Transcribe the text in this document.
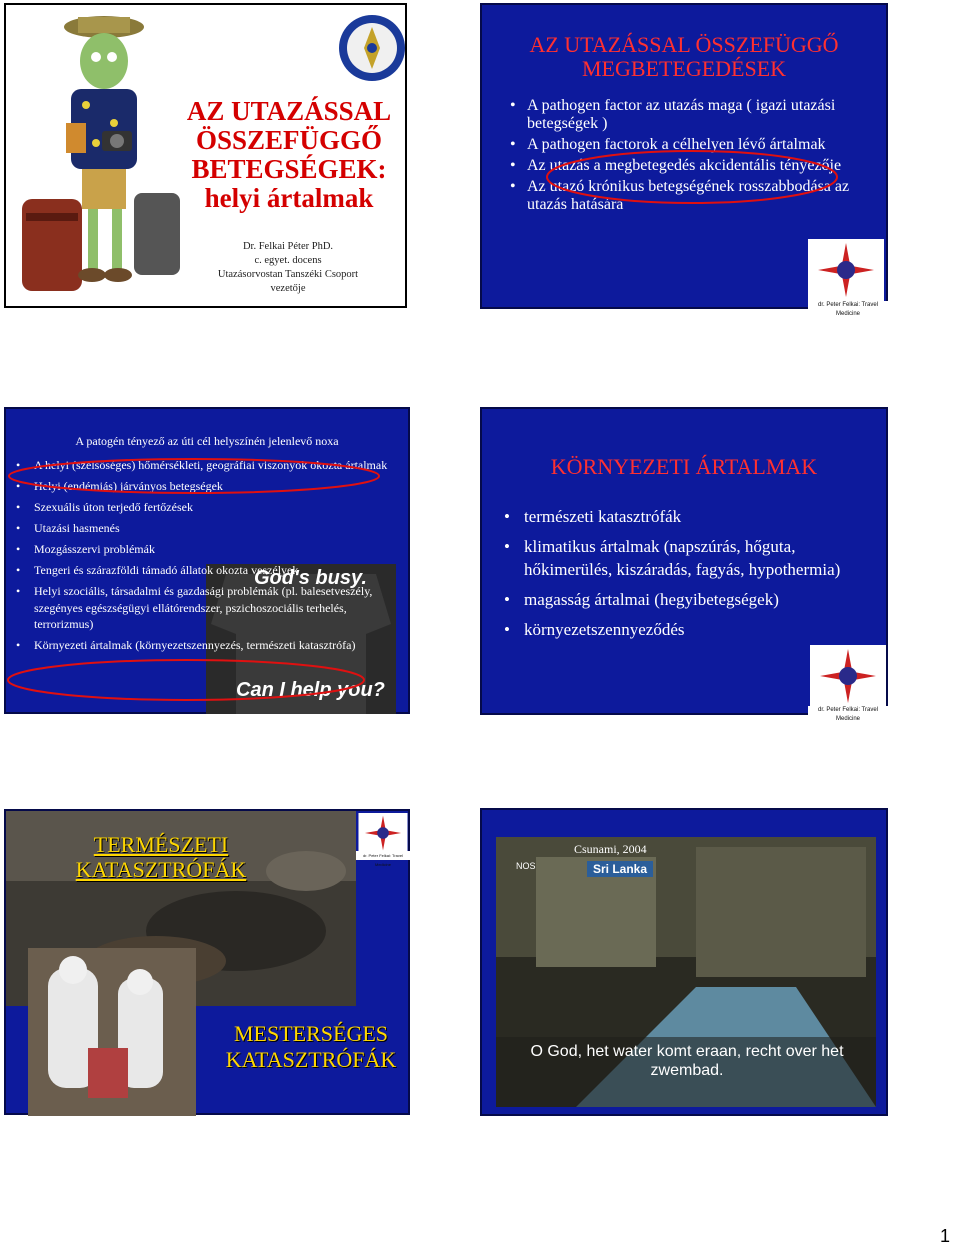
AZ UTAZÁSSAL ÖSSZEFÜGGŐ BETEGSÉGEK: helyi ártalmak
Dr. Felkai Péter PhD.
c. egyet. docens
Utazásorvostan Tanszéki Csoport
vezetője
AZ UTAZÁSSAL ÖSSZEFÜGGŐ MEGBETEGEDÉSEK
• A pathogen factor az utazás maga ( igazi utazási betegségek )
• A pathogen factorok a célhelyen lévő ártalmak
• Az utazás a megbetegedés akcidentális tényezője
• Az utazó krónikus betegségének rosszabbodása az utazás hatására
dr. Peter Felkai: Travel Medicine
God's busy.
Can I help you?
A patogén tényező az úti cél helyszínén jelenlevő noxa
• A helyi (szélsőséges) hőmérsékleti, geográfiai viszonyok okozta ártalmak
• Helyi (endémiás) járványos betegségek
• Szexuális úton terjedő fertőzések
• Utazási hasmenés
• Mozgásszervi problémák
• Tengeri és szárazföldi támadó állatok okozta veszélyek
• Helyi szociális, társadalmi és gazdasági problémák (pl. balesetveszély, szegényes egészségügyi ellátórendszer, pszichoszociális terhelés, terrorizmus)
• Környezeti ártalmak (környezetszennyezés, természeti katasztrófa)
KÖRNYEZETI ÁRTALMAK
• természeti katasztrófák
• klimatikus ártalmak (napszúrás, hőguta, hőkimerülés, kiszáradás, fagyás, hypothermia)
• magasság ártalmai (hegyibetegségek)
• környezetszennyeződés
dr. Peter Felkai: Travel Medicine
dr. Peter Felkai: Travel Medicine
TERMÉSZETI KATASZTRÓFÁK
MESTERSÉGES KATASZTRÓFÁK
NOS	Sri Lanka
Csunami, 2004
O God, het water komt eraan, recht over het zwembad.
1
